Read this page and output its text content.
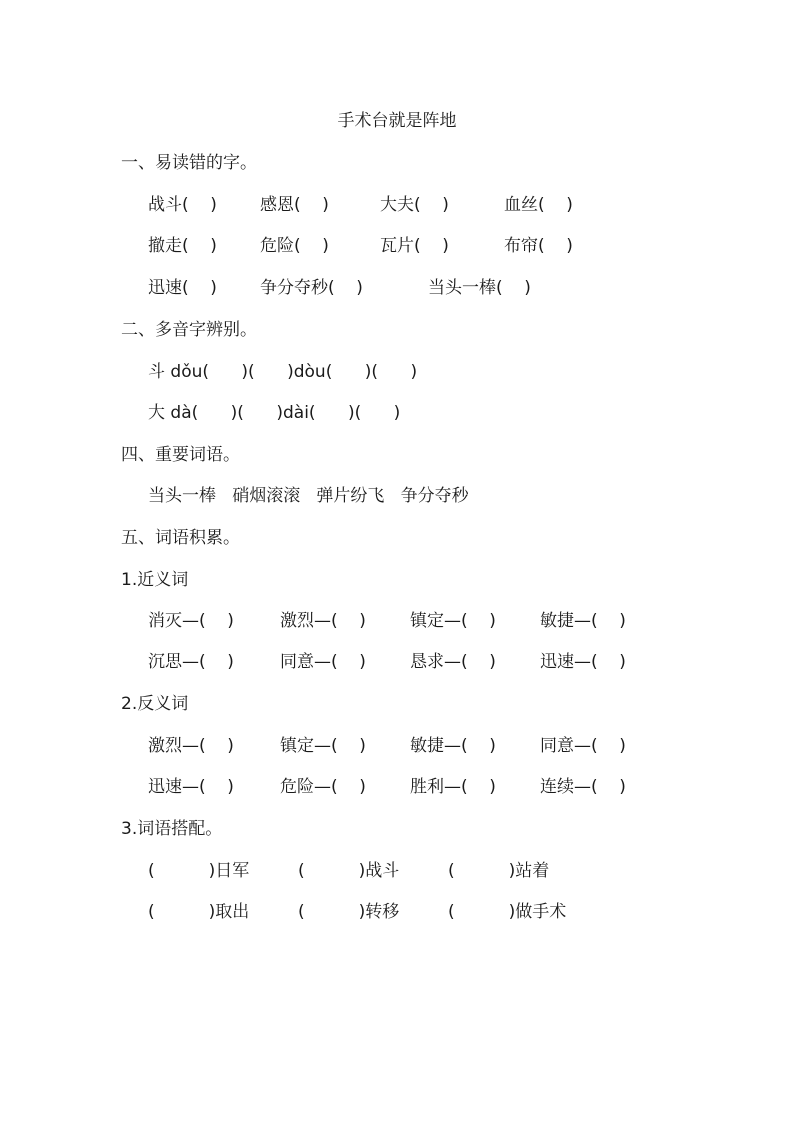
手术台就是阵地
一、易读错的字。
战斗(    )	感恩(    )	大夫(    )	血丝(    )
撤走(    )	危险(    )	瓦片(    )	布帘(    )
迅速(    )	争分夺秒(    )	当头一棒(    )
二、多音字辨别。
斗 dǒu(      )(      )dòu(      )(      )
大 dà(      )(      )dài(      )(      )
四、重要词语。
当头一棒   硝烟滚滚   弹片纷飞   争分夺秒
五、词语积累。
1.近义词
消灭—(    )	激烈—(    )	镇定—(    )	敏捷—(    )
沉思—(    )	同意—(    )	恳求—(    )	迅速—(    )
2.反义词
激烈—(    )	镇定—(    )	敏捷—(    )	同意—(    )
迅速—(    )	危险—(    )	胜利—(    )	连续—(    )
3.词语搭配。
(          )日军	(          )战斗	(          )站着
(          )取出	(          )转移	(          )做手术
